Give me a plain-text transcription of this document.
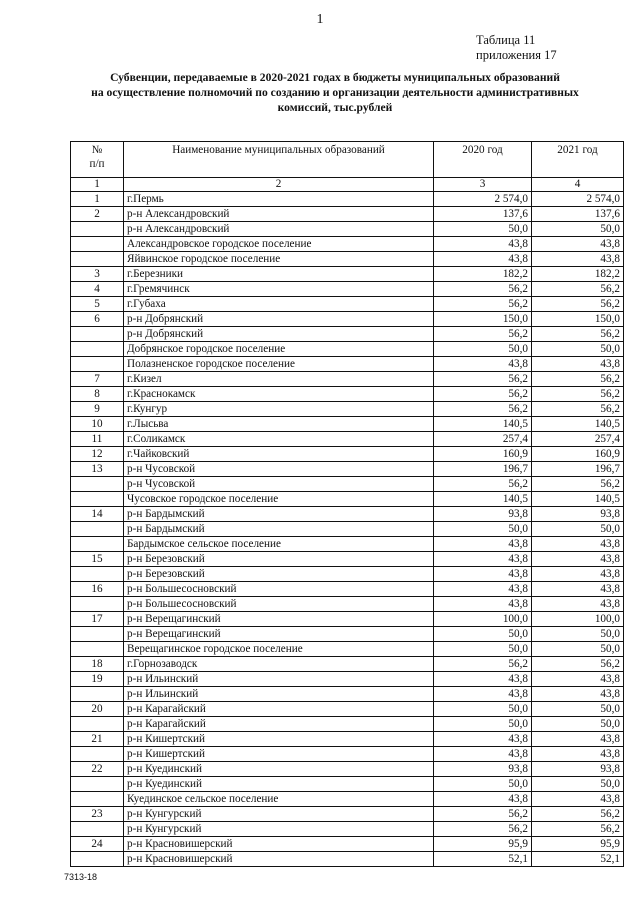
1
Таблица 11
приложения 17
Субвенции, передаваемые в 2020-2021 годах в бюджеты муниципальных образований
на осуществление полномочий по созданию и организации деятельности административных
комиссий, тыс.рублей
№
п/п	Наименование муниципальных образований	2020 год	2021 год
1	2	3	4
1	г.Пермь	2 574,0	2 574,0
2	р-н Александровский	137,6	137,6
	р-н Александровский	50,0	50,0
	Александровское городское поселение	43,8	43,8
	Яйвинское городское поселение	43,8	43,8
3	г.Березники	182,2	182,2
4	г.Гремячинск	56,2	56,2
5	г.Губаха	56,2	56,2
6	р-н Добрянский	150,0	150,0
	р-н Добрянский	56,2	56,2
	Добрянское городское поселение	50,0	50,0
	Полазненское городское поселение	43,8	43,8
7	г.Кизел	56,2	56,2
8	г.Краснокамск	56,2	56,2
9	г.Кунгур	56,2	56,2
10	г.Лысьва	140,5	140,5
11	г.Соликамск	257,4	257,4
12	г.Чайковский	160,9	160,9
13	р-н Чусовской	196,7	196,7
	р-н Чусовской	56,2	56,2
	Чусовское городское поселение	140,5	140,5
14	р-н Бардымский	93,8	93,8
	р-н Бардымский	50,0	50,0
	Бардымское сельское поселение	43,8	43,8
15	р-н Березовский	43,8	43,8
	р-н Березовский	43,8	43,8
16	р-н Большесосновский	43,8	43,8
	р-н Большесосновский	43,8	43,8
17	р-н Верещагинский	100,0	100,0
	р-н Верещагинский	50,0	50,0
	Верещагинское городское поселение	50,0	50,0
18	г.Горнозаводск	56,2	56,2
19	р-н Ильинский	43,8	43,8
	р-н Ильинский	43,8	43,8
20	р-н Карагайский	50,0	50,0
	р-н Карагайский	50,0	50,0
21	р-н Кишертский	43,8	43,8
	р-н Кишертский	43,8	43,8
22	р-н Куединский	93,8	93,8
	р-н Куединский	50,0	50,0
	Куединское сельское поселение	43,8	43,8
23	р-н Кунгурский	56,2	56,2
	р-н Кунгурский	56,2	56,2
24	р-н Красновишерский	95,9	95,9
	р-н Красновишерский	52,1	52,1
7313-18
